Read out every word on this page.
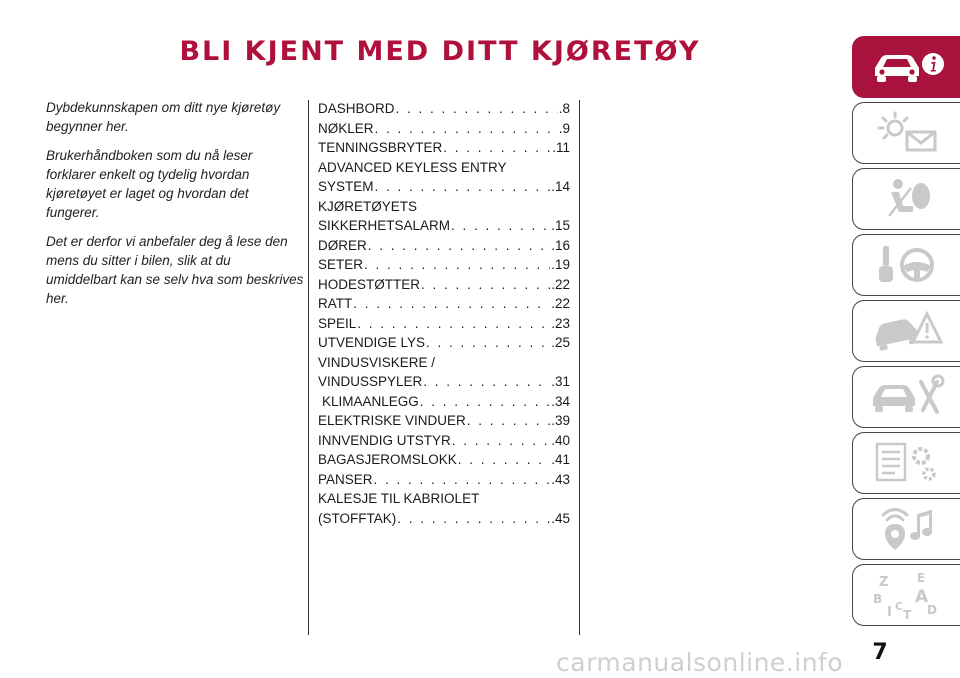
BLI KJENT MED DITT KJØRETØY

Dybdekunnskapen om ditt nye kjøretøy begynner her.

Brukerhåndboken som du nå leser forklarer enkelt og tydelig hvordan kjøretøyet er laget og hvordan det fungerer.

Det er derfor vi anbefaler deg å lese den mens du sitter i bilen, slik at du umiddelbart kan se selv hva som beskrives her.

DASHBORD . . .	.8
NØKLER . . .	.9
TENNINGSBRYTER . . .	.11
ADVANCED KEYLESS ENTRY
SYSTEM . . .	.14
KJØRETØYETS
SIKKERHETSALARM . . .	.15
DØRER . . .	.16
SETER . . .	.19
HODESTØTTER . . .	.22
RATT . . .	.22
SPEIL . . .	.23
UTVENDIGE LYS . . .	.25
VINDUSVISKERE /
VINDUSSPYLER . . .	.31
KLIMAANLEGG . . .	.34
ELEKTRISKE VINDUER . . .	.39
INNVENDIG UTSTYR . . .	.40
BAGASJEROMSLOKK . . .	.41
PANSER . . .	.43
KALESJE TIL KABRIOLET
(STOFFTAK) . . .	.45
Z E
B A
C D
I T
7
carmanualsonline.info
